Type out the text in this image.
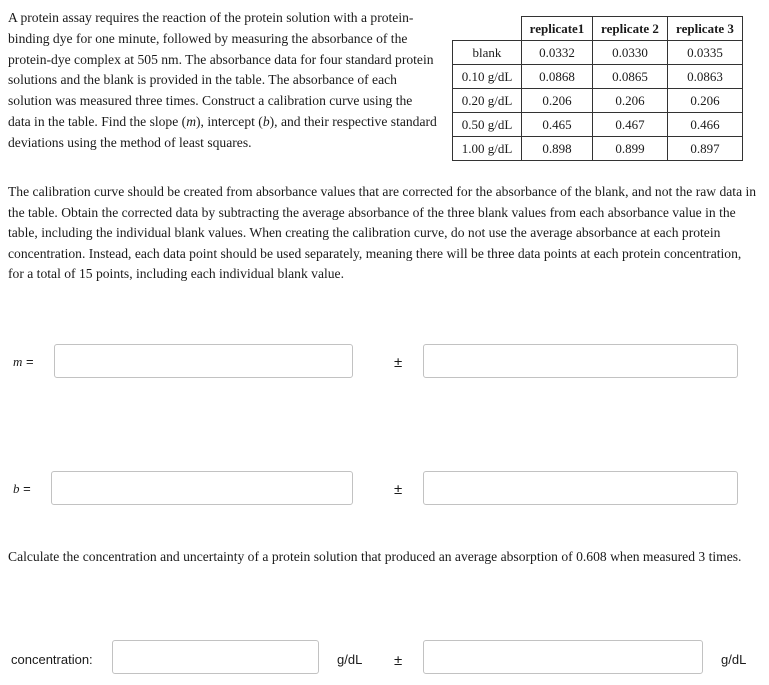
A protein assay requires the reaction of the protein solution with a protein-binding dye for one minute, followed by measuring the absorbance of the protein-dye complex at 505 nm. The absorbance data for four standard protein solutions and the blank is provided in the table. The absorbance of each solution was measured three times. Construct a calibration curve using the data in the table. Find the slope (m), intercept (b), and their respective standard deviations using the method of least squares.
	replicate1	replicate 2	replicate 3
blank	0.0332	0.0330	0.0335
0.10 g/dL	0.0868	0.0865	0.0863
0.20 g/dL	0.206	0.206	0.206
0.50 g/dL	0.465	0.467	0.466
1.00 g/dL	0.898	0.899	0.897
The calibration curve should be created from absorbance values that are corrected for the absorbance of the blank, and not the raw data in the table. Obtain the corrected data by subtracting the average absorbance of the three blank values from each absorbance value in the table, including the individual blank values. When creating the calibration curve, do not use the average absorbance at each protein concentration. Instead, each data point should be used separately, meaning there will be three data points at each protein concentration, for a total of 15 points, including each individual blank value.
m =	±
b =	±
Calculate the concentration and uncertainty of a protein solution that produced an average absorption of 0.608 when measured 3 times.
concentration:	g/dL ±	g/dL
